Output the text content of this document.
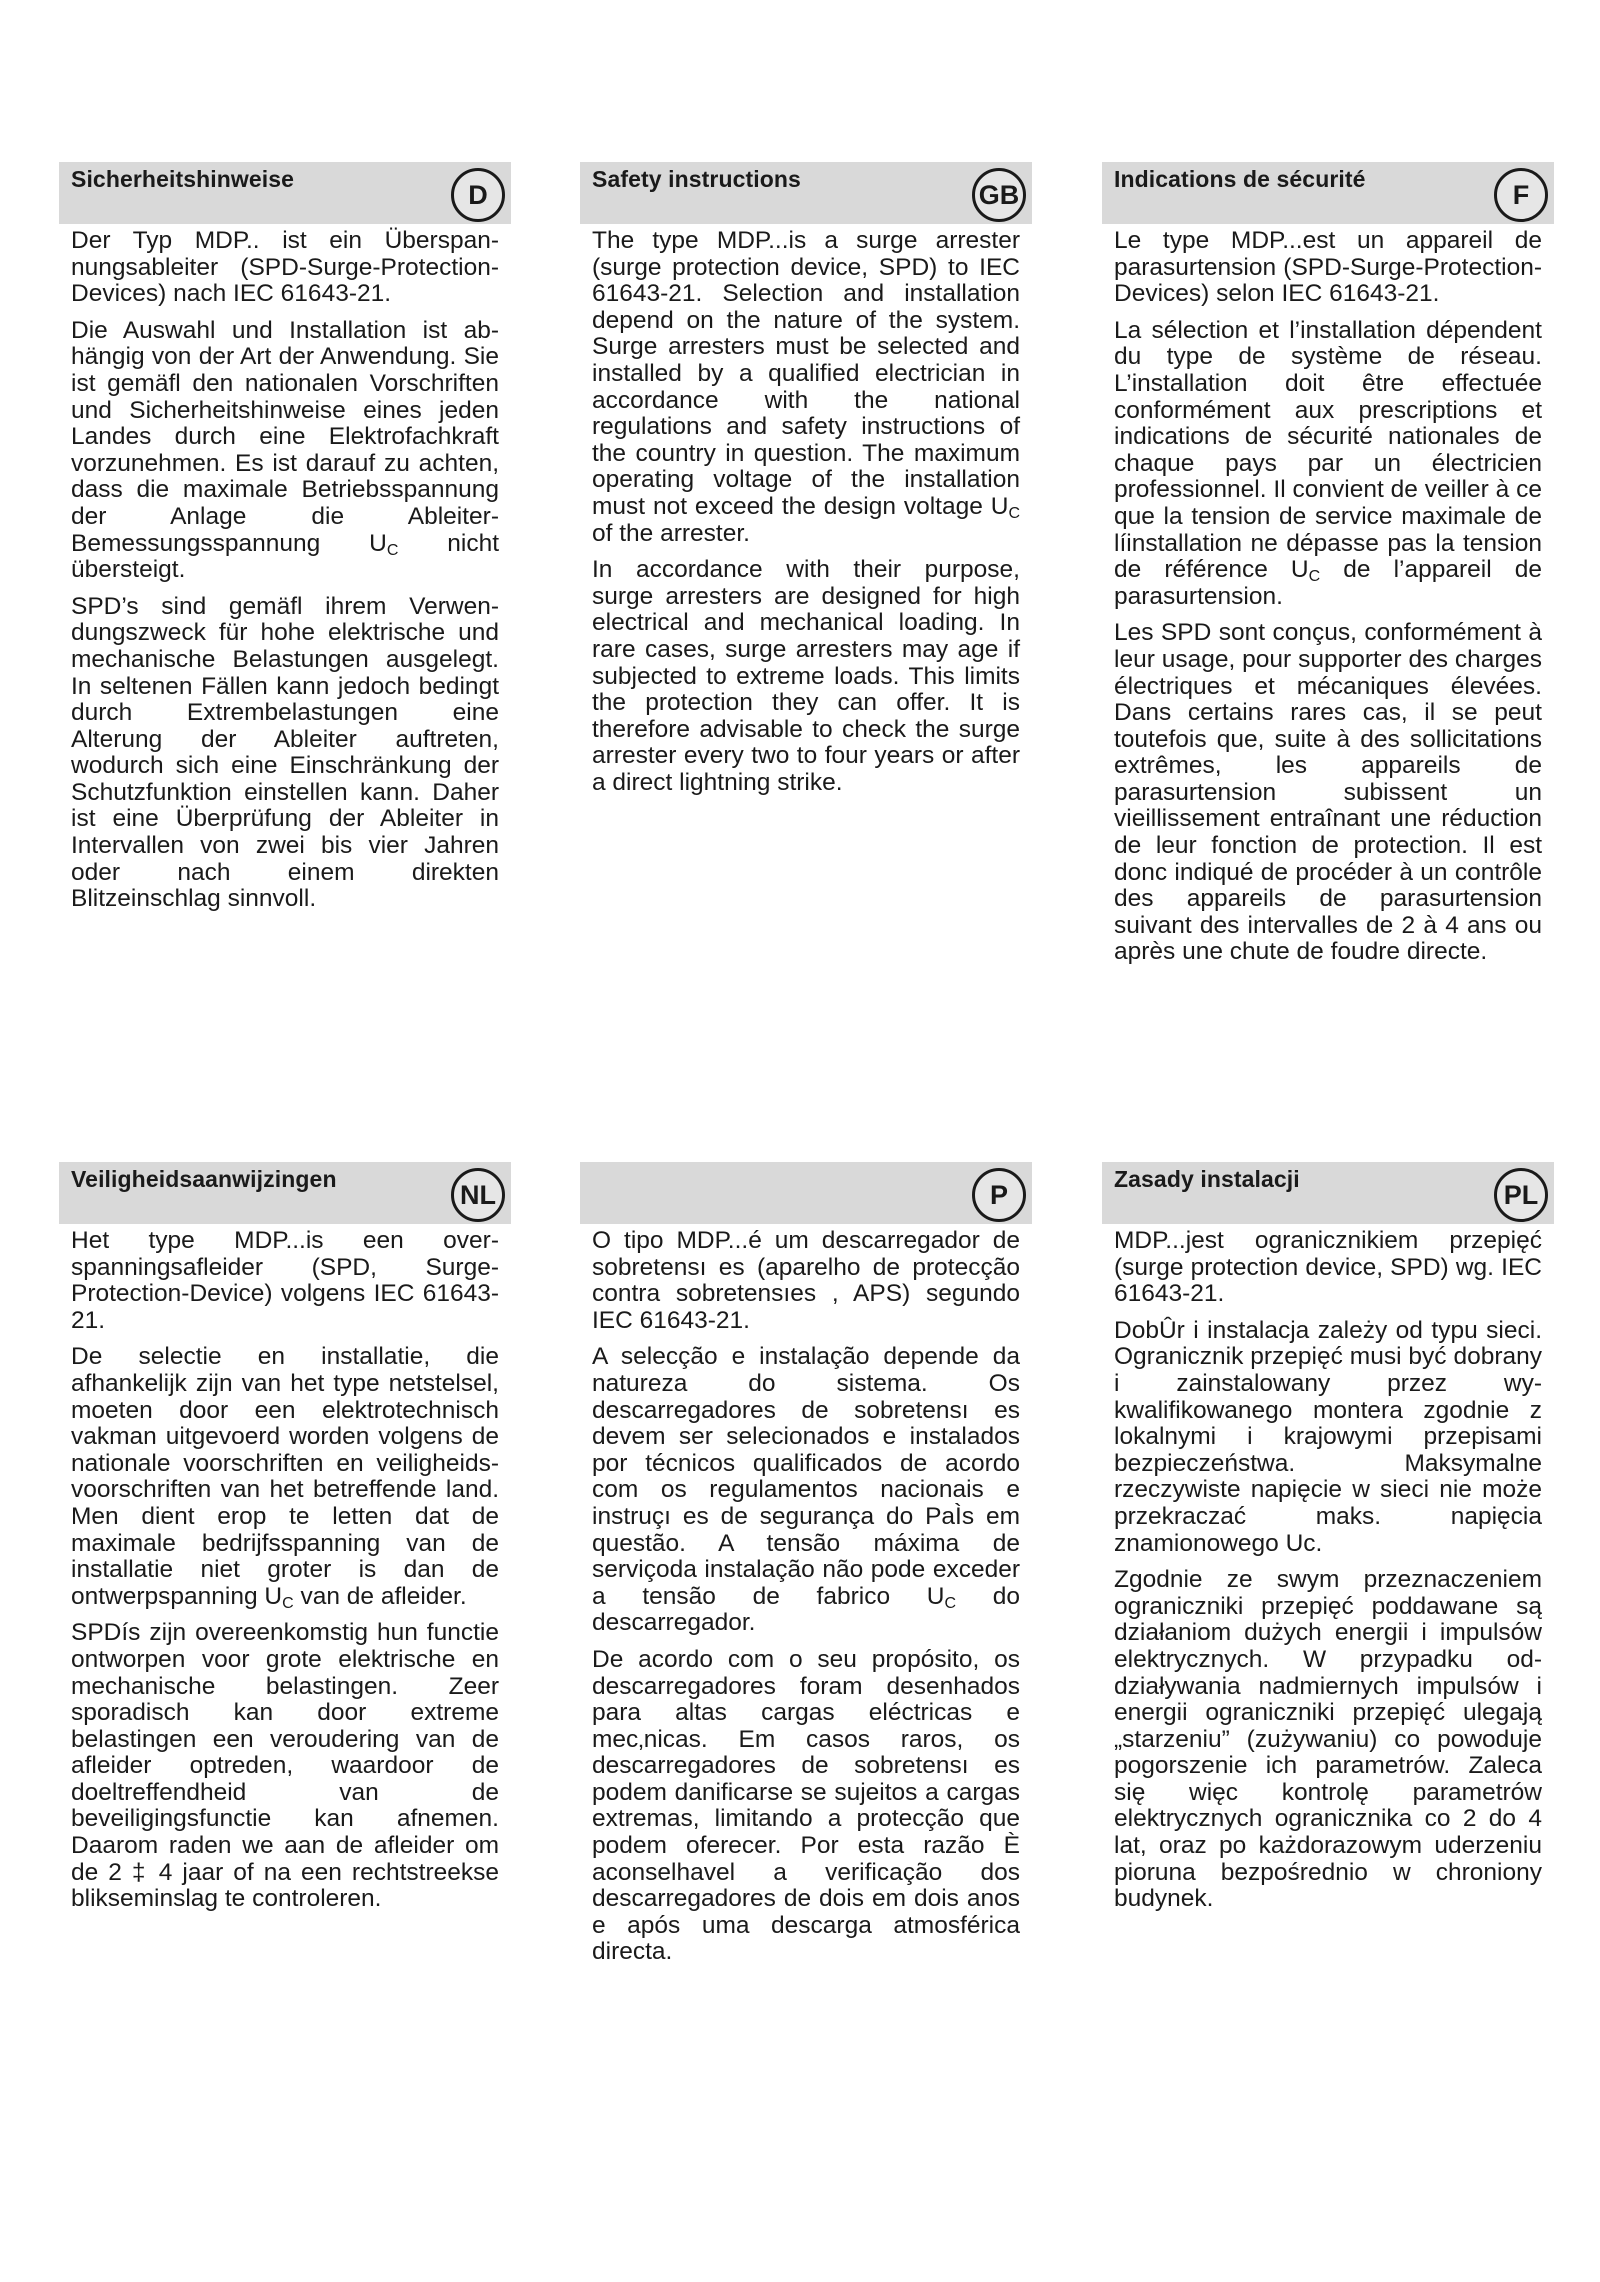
Sicherheitshinweise
D

Der Typ MDP.. ist ein Überspannungsableiter (SPD-Surge-Protection-Devices) nach IEC 61643-21.

Die Auswahl und Installation ist abhängig von der Art der Anwendung. Sie ist gemäfl den nationalen Vorschriften und Sicherheitshinweise eines jeden Landes durch eine Elektrofachkraft vorzunehmen. Es ist darauf zu achten, dass die maximale Betriebsspannung der Anlage die Ableiter-Bemessungsspannung $U_C$ nicht übersteigt.

SPD’s sind gemäfl ihrem Verwendungszweck für hohe elektrische und mechanische Belastungen ausgelegt. In seltenen Fällen kann jedoch bedingt durch Extrembelastungen eine Alterung der Ableiter auftreten, wodurch sich eine Einschränkung der Schutzfunktion einstellen kann. Daher ist eine Überprüfung der Ableiter in Intervallen von zwei bis vier Jahren oder nach einem direkten Blitzeinschlag sinnvoll.

Safety instructions
GB

The type MDP...is a surge arrester (surge protection device, SPD) to IEC 61643-21. Selection and installation depend on the nature of the system. Surge arresters must be selected and installed by a qualified electrician in accordance with the national regulations and safety instructions of the country in question. The maximum operating voltage of the installation must not exceed the design voltage $U_C$ of the arrester.

In accordance with their purpose, surge arresters are designed for high electrical and mechanical loading. In rare cases, surge arresters may age if subjected to extreme loads. This limits the protection they can offer. It is therefore advisable to check the surge arrester every two to four years or after a direct lightning strike.

Indications de sécurité
F

Le type MDP...est un appareil de parasurtension (SPD-Surge-Protection-Devices) selon IEC 61643-21.

La sélection et l’installation dépendent du type de système de réseau. L’installation doit être effectuée conformément aux prescriptions et indications de sécurité nationales de chaque pays par un électricien professionnel. Il convient de veiller à ce que la tension de service maximale de líinstallation ne dépasse pas la tension de référence $U_C$ de l’appareil de parasurtension.

Les SPD sont conçus, conformément à leur usage, pour supporter des charges électriques et mécaniques élevées. Dans certains rares cas, il se peut toutefois que, suite à des sollicitations extrêmes, les appareils de parasurtension subissent un vieillissement entraînant une réduction de leur fonction de protection. Il est donc indiqué de procéder à un contrôle des appareils de parasurtension suivant des intervalles de 2 à 4 ans ou après une chute de foudre directe.

Veiligheidsaanwijzingen
NL

Het type MDP...is een overspanningsafleider (SPD, Surge-Protection-Device) volgens IEC 61643-21.

De selectie en installatie, die afhankelijk zijn van het type netstelsel, moeten door een elektrotechnisch vakman uitgevoerd worden volgens de nationale voorschriften en veiligheidsvoorschriften van het betreffende land. Men dient erop te letten dat de maximale bedrijfsspanning van de installatie niet groter is dan de ontwerpspanning $U_C$ van de afleider.

SPDís zijn overeenkomstig hun functie ontworpen voor grote elektrische en mechanische belastingen. Zeer sporadisch kan door extreme belastingen een veroudering van de afleider optreden, waardoor de doeltreffendheid van de beveiligingsfunctie kan afnemen. Daarom raden we aan de afleider om de 2 ‡ 4 jaar of na een rechtstreekse blikseminslag te controleren.

P

O tipo MDP...é um descarregador de sobretensı es (aparelho de protecção contra sobretensıes , APS) segundo IEC 61643-21.

A selecção e instalação depende da natureza do sistema. Os descarregadores de sobretensı es devem ser selecionados e instalados por técnicos qualificados de acordo com os regulamentos nacionais e instruçı es de segurança do PaÌs em questão. A tensão máxima de serviçoda instalação não pode exceder a tensão de fabrico $U_C$ do descarregador.

De acordo com o seu propósito, os descarregadores foram desenhados para altas cargas eléctricas e mec‚nicas. Em casos raros, os descarregadores de sobretensı es podem danificarse se sujeitos a cargas extremas, limitando a protecção que podem oferecer. Por esta razão È aconselhavel a verificação dos descarregadores de dois em dois anos e após uma descarga atmosférica directa.

Zasady instalacji
PL

MDP...jest ogranicznikiem przepięć (surge protection device, SPD) wg. IEC 61643-21.

DobÛr i instalacja zależy od typu sieci. Ogranicznik przepięć musi być dobrany i zainstalowany przez wykwalifikowanego montera zgodnie z lokalnymi i krajowymi przepisami bezpieczeństwa. Maksymalne rzeczywiste napięcie w sieci nie może przekraczać maks. napięcia znamionowego Uc.

Zgodnie ze swym przeznaczeniem ograniczniki przepięć poddawane są działaniom dużych energii i impulsów elektrycznych. W przypadku oddziaływania nadmiernych impulsów i energii ograniczniki przepięć ulegają „starzeniu” (zużywaniu) co powoduje pogorszenie ich parametrów. Zaleca się więc kontrolę parametrów elektrycznych ogranicznika co 2 do 4 lat, oraz po każdorazowym uderzeniu pioruna bezpośrednio w chroniony budynek.
